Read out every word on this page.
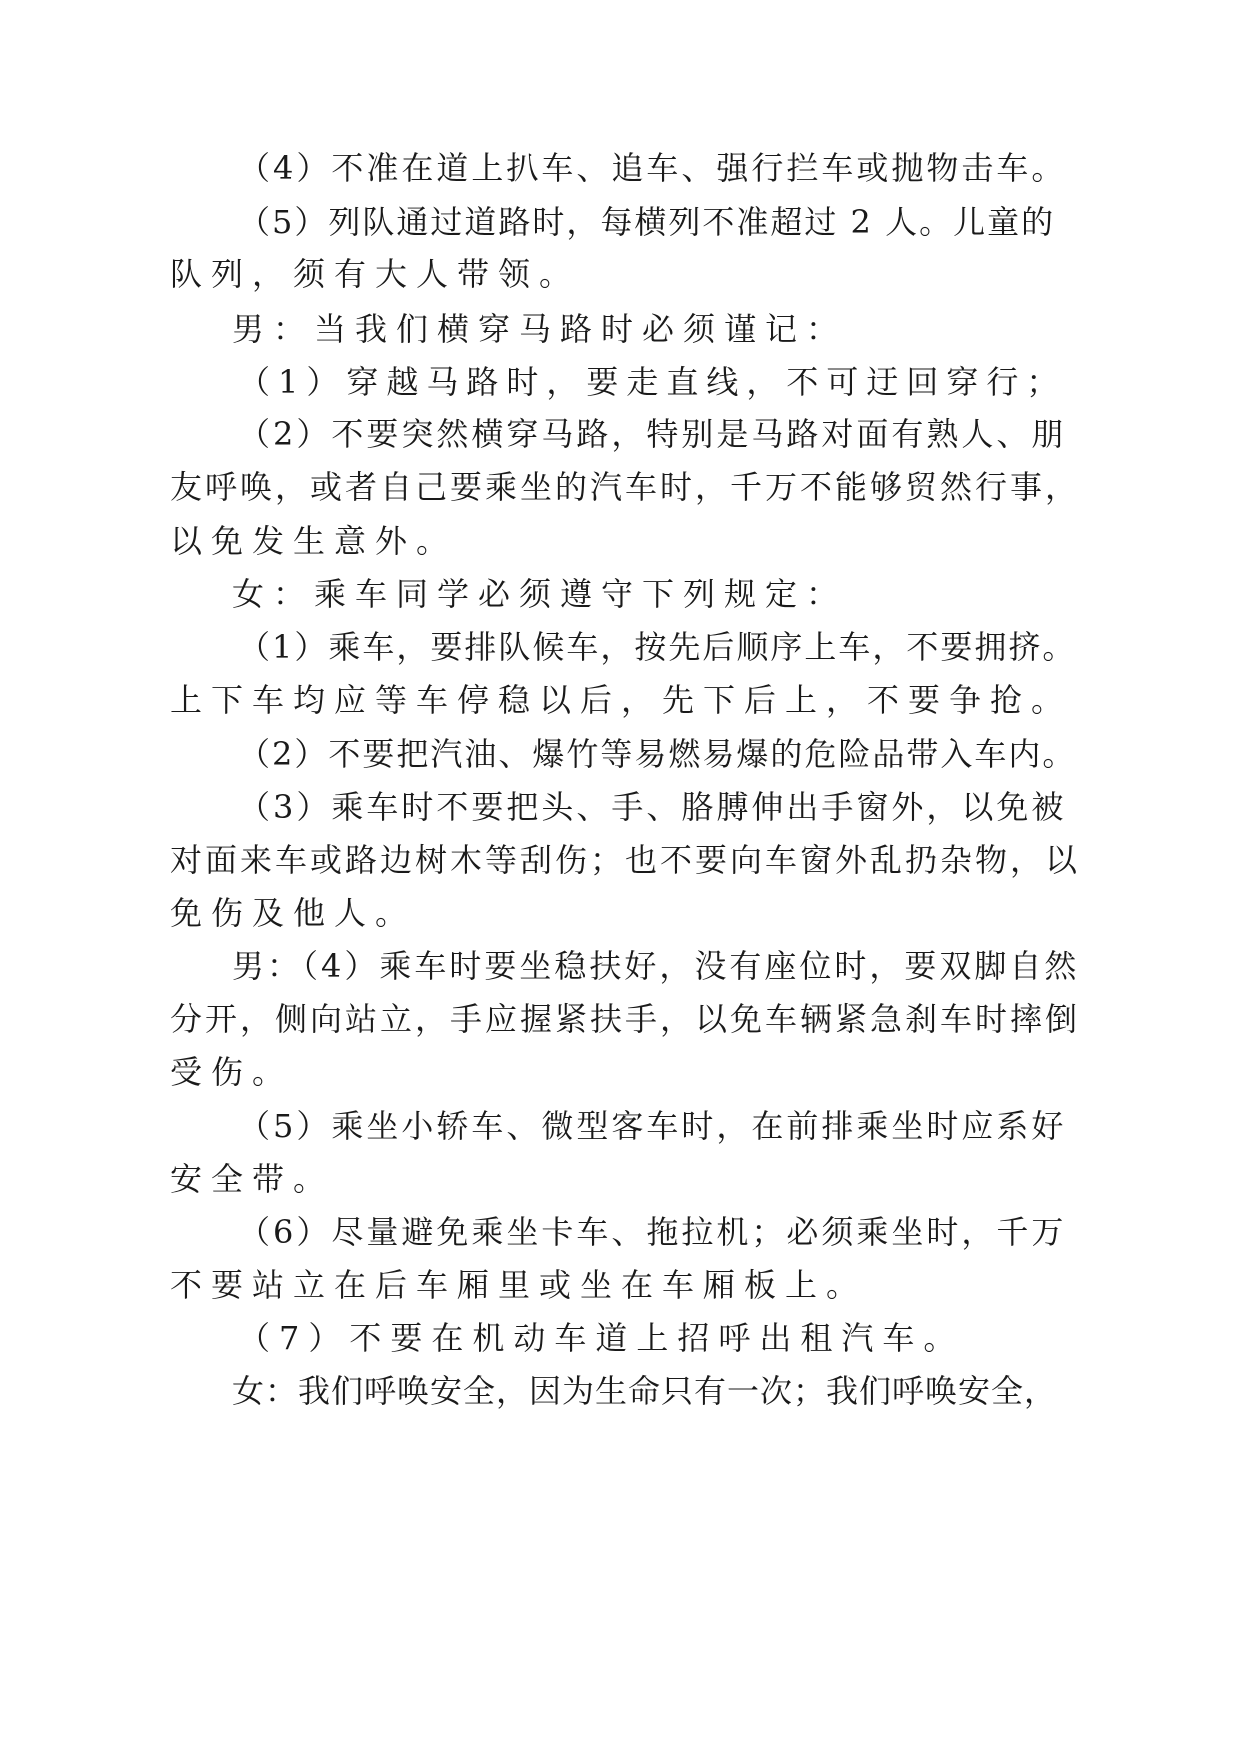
（4）不准在道上扒车、追车、强行拦车或抛物击车。

（5）列队通过道路时，每横列不准超过 2 人。儿童的

队列，须有大人带领。

男：当我们横穿马路时必须谨记：

（1）穿越马路时，要走直线，不可迂回穿行；

（2）不要突然横穿马路，特别是马路对面有熟人、朋

友呼唤，或者自己要乘坐的汽车时，千万不能够贸然行事，

以免发生意外。

女：乘车同学必须遵守下列规定：

（1）乘车，要排队候车，按先后顺序上车，不要拥挤。

上下车均应等车停稳以后，先下后上，不要争抢。

（2）不要把汽油、爆竹等易燃易爆的危险品带入车内。

（3）乘车时不要把头、手、胳膊伸出手窗外，以免被

对面来车或路边树木等刮伤；也不要向车窗外乱扔杂物，以

免伤及他人。

男：（4）乘车时要坐稳扶好，没有座位时，要双脚自然

分开，侧向站立，手应握紧扶手，以免车辆紧急刹车时摔倒

受伤。

（5）乘坐小轿车、微型客车时，在前排乘坐时应系好

安全带。

（6）尽量避免乘坐卡车、拖拉机；必须乘坐时，千万

不要站立在后车厢里或坐在车厢板上。

（7）不要在机动车道上招呼出租汽车。

女：我们呼唤安全，因为生命只有一次；我们呼唤安全，
